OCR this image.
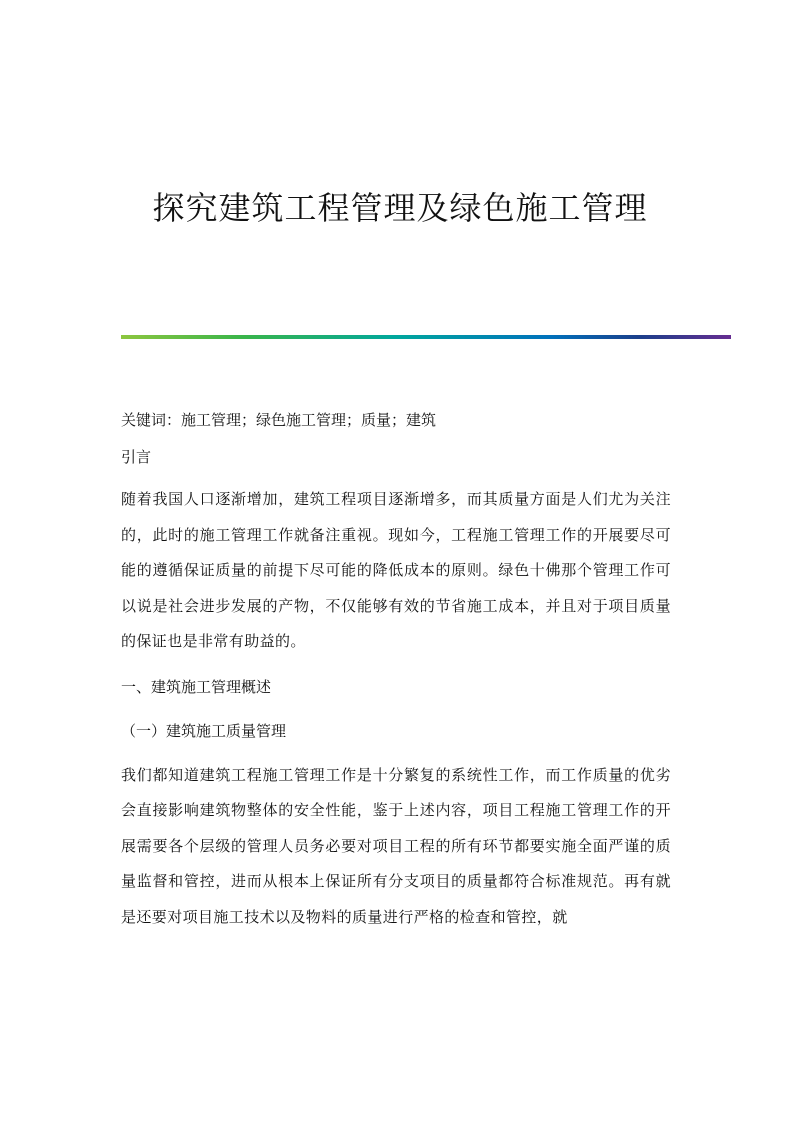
探究建筑工程管理及绿色施工管理

关键词：施工管理；绿色施工管理；质量；建筑

引言

随着我国人口逐渐增加，建筑工程项目逐渐增多，而其质量方面是人们尤为关注的，此时的施工管理工作就备注重视。现如今，工程施工管理工作的开展要尽可能的遵循保证质量的前提下尽可能的降低成本的原则。绿色十佛那个管理工作可以说是社会进步发展的产物，不仅能够有效的节省施工成本，并且对于项目质量的保证也是非常有助益的。

一、建筑施工管理概述

（一）建筑施工质量管理

我们都知道建筑工程施工管理工作是十分繁复的系统性工作，而工作质量的优劣会直接影响建筑物整体的安全性能，鉴于上述内容，项目工程施工管理工作的开展需要各个层级的管理人员务必要对项目工程的所有环节都要实施全面严谨的质量监督和管控，进而从根本上保证所有分支项目的质量都符合标准规范。再有就是还要对项目施工技术以及物料的质量进行严格的检查和管控，就
